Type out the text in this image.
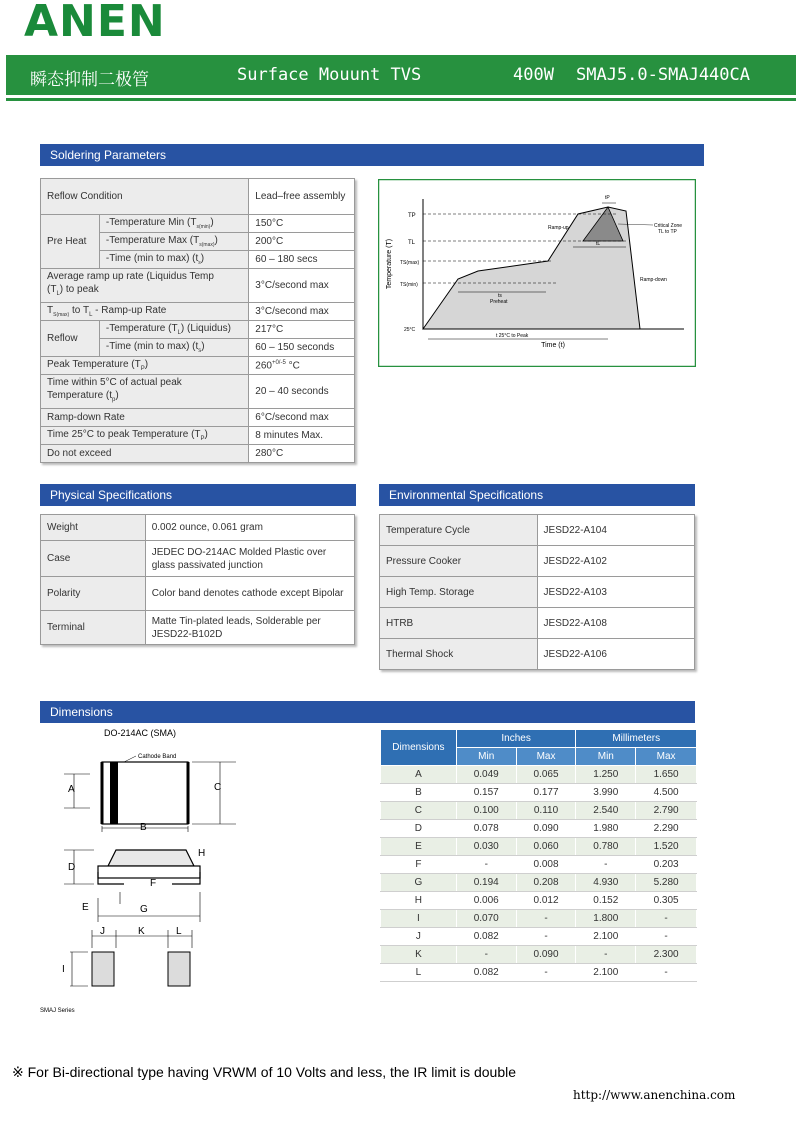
ANEN
瞬态抑制二极管	Surface Mouunt TVS	400W SMAJ5.0-SMAJ440CA
Soldering Parameters
Reflow Condition		Lead–free assembly
Pre Heat	-Temperature Min $(T_{s(min)})$	150°C
	-Temperature Max $(T_{s(max)})$	200°C
	-Time (min to max) $(t_s)$	60 – 180 secs
Average ramp up rate (Liquidus Temp
$(T_L)$ to peak		3°C/second max
$T_{S(max)}$ to $T_L$ - Ramp-up Rate		3°C/second max
Reflow	-Temperature $(T_L)$ (Liquidus)	217°C
	-Time (min to max) $(t_s)$	60 – 150 seconds
Peak Temperature $(T_P)$		$260^{+0/-5}$ °C
Time within 5°C of actual peak
Temperature $(t_p)$		20 – 40 seconds
Ramp-down Rate		6°C/second max
Time 25°C to peak Temperature $(T_P)$		8 minutes Max.
Do not exceed		280°C
TP
TL
TS(max)
TS(min)
25°C
Temperature (T)
Time (t)
Ramp-up
Ramp-down
Critical Zone
TL to TP
ts
Preheat
tL
tP
t 25°C to Peak
Physical Specifications
Weight	0.002 ounce, 0.061 gram
Case	JEDEC DO-214AC Molded Plastic over
glass passivated junction
Polarity	Color band denotes cathode except Bipolar
Terminal	Matte Tin-plated leads, Solderable per
JESD22-B102D
Environmental Specifications
Temperature Cycle	JESD22-A104
Pressure Cooker	JESD22-A102
High Temp. Storage	JESD22-A103
HTRB	JESD22-A108
Thermal Shock	JESD22-A106
Dimensions
DO-214AC (SMA)
Cathode Band
A	C
B
D
H
F
E	G
J	K	L
I
SMAJ Series
Dimensions	Inches		Millimeters	
	Min	Max	Min	Max
A	0.049	0.065	1.250	1.650
B	0.157	0.177	3.990	4.500
C	0.100	0.110	2.540	2.790
D	0.078	0.090	1.980	2.290
E	0.030	0.060	0.780	1.520
F	-	0.008	-	0.203
G	0.194	0.208	4.930	5.280
H	0.006	0.012	0.152	0.305
I	0.070	-	1.800	-
J	0.082	-	2.100	-
K	-	0.090	-	2.300
L	0.082	-	2.100	-
※ For Bi-directional type having VRWM of 10 Volts and less, the IR limit is double
http://www.anenchina.com
